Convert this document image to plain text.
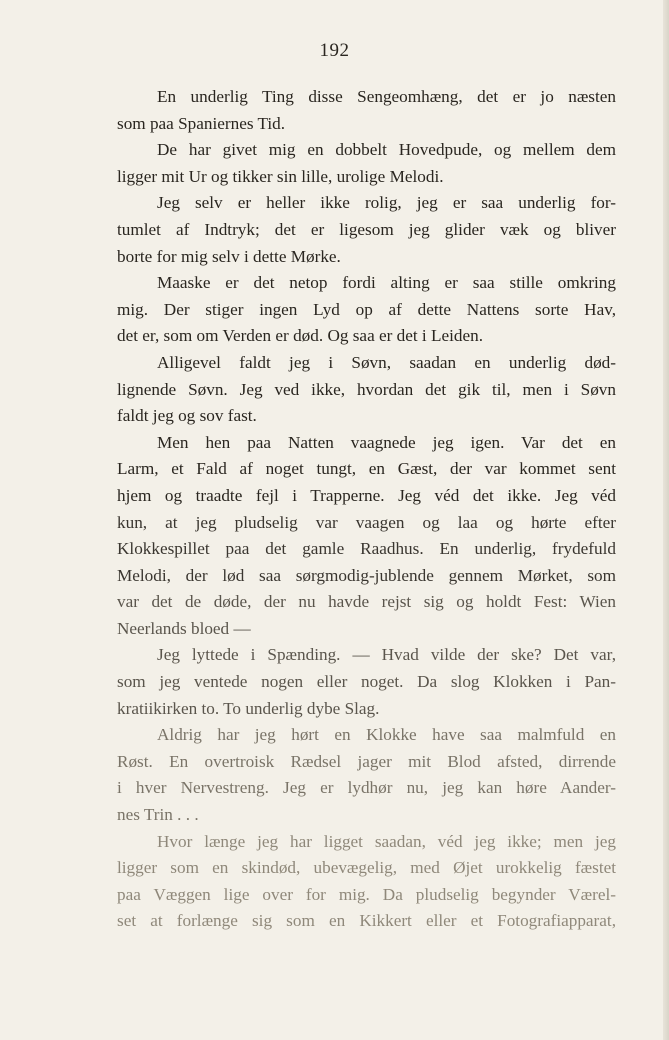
192
En underlig Ting disse Sengeomhæng, det er jo næsten
som paa Spaniernes Tid.
De har givet mig en dobbelt Hovedpude, og mellem dem
ligger mit Ur og tikker sin lille, urolige Melodi.
Jeg selv er heller ikke rolig, jeg er saa underlig for-
tumlet af Indtryk; det er ligesom jeg glider væk og bliver
borte for mig selv i dette Mørke.
Maaske er det netop fordi alting er saa stille omkring
mig. Der stiger ingen Lyd op af dette Nattens sorte Hav,
det er, som om Verden er død. Og saa er det i Leiden.
Alligevel faldt jeg i Søvn, saadan en underlig død-
lignende Søvn. Jeg ved ikke, hvordan det gik til, men i Søvn
faldt jeg og sov fast.
Men hen paa Natten vaagnede jeg igen. Var det en
Larm, et Fald af noget tungt, en Gæst, der var kommet sent
hjem og traadte fejl i Trapperne. Jeg véd det ikke. Jeg véd
kun, at jeg pludselig var vaagen og laa og hørte efter
Klokkespillet paa det gamle Raadhus. En underlig, frydefuld
Melodi, der lød saa sørgmodig-jublende gennem Mørket, som
var det de døde, der nu havde rejst sig og holdt Fest: Wien
Neerlands bloed —
Jeg lyttede i Spænding. — Hvad vilde der ske? Det var,
som jeg ventede nogen eller noget. Da slog Klokken i Pan-
kratiikirken to. To underlig dybe Slag.
Aldrig har jeg hørt en Klokke have saa malmfuld en
Røst. En overtroisk Rædsel jager mit Blod afsted, dirrende
i hver Nervestreng. Jeg er lydhør nu, jeg kan høre Aander-
nes Trin . . .
Hvor længe jeg har ligget saadan, véd jeg ikke; men jeg
ligger som en skindød, ubevægelig, med Øjet urokkelig fæstet
paa Væggen lige over for mig. Da pludselig begynder Værel-
set at forlænge sig som en Kikkert eller et Fotografiapparat,
